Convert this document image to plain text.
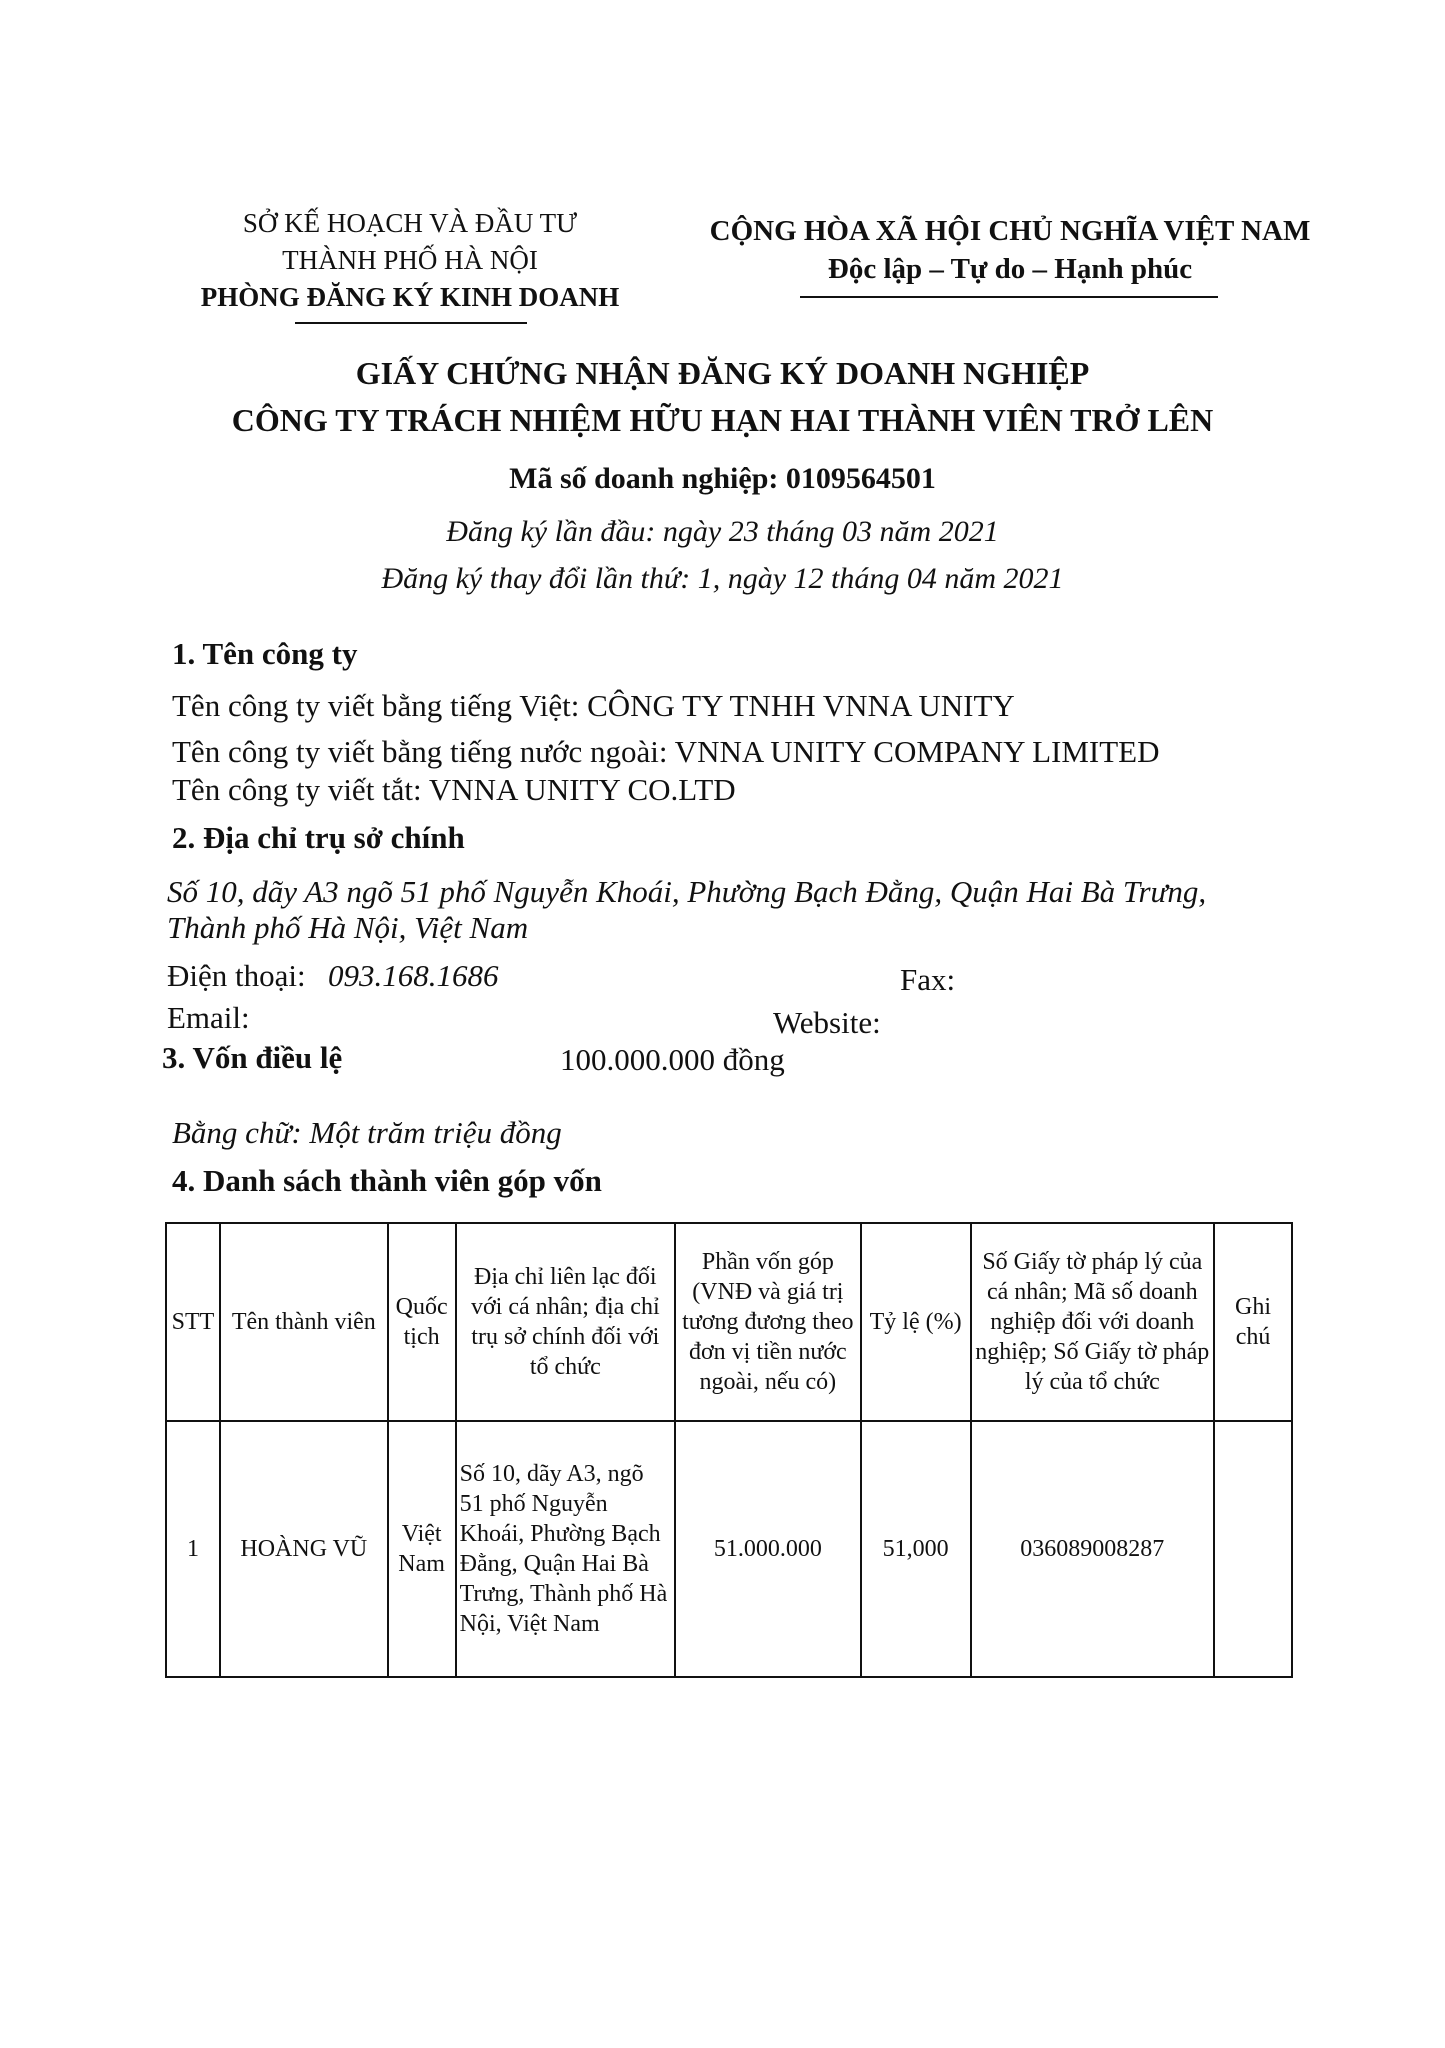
SỞ KẾ HOẠCH VÀ ĐẦU TƯ
THÀNH PHỐ HÀ NỘI
PHÒNG ĐĂNG KÝ KINH DOANH
CỘNG HÒA XÃ HỘI CHỦ NGHĨA VIỆT NAM
Độc lập – Tự do – Hạnh phúc
GIẤY CHỨNG NHẬN ĐĂNG KÝ DOANH NGHIỆP
CÔNG TY TRÁCH NHIỆM HỮU HẠN HAI THÀNH VIÊN TRỞ LÊN
Mã số doanh nghiệp: 0109564501
Đăng ký lần đầu: ngày 23 tháng 03 năm 2021
Đăng ký thay đổi lần thứ: 1, ngày 12 tháng 04 năm 2021
1. Tên công ty
Tên công ty viết bằng tiếng Việt: CÔNG TY TNHH VNNA UNITY
Tên công ty viết bằng tiếng nước ngoài: VNNA UNITY COMPANY LIMITED
Tên công ty viết tắt: VNNA UNITY CO.LTD
2. Địa chỉ trụ sở chính
Số 10, dãy A3 ngõ 51 phố Nguyễn Khoái, Phường Bạch Đằng, Quận Hai Bà Trưng,
Thành phố Hà Nội, Việt Nam
Điện thoại: 093.168.1686	Fax:
Email:	Website:
3. Vốn điều lệ	100.000.000 đồng
Bằng chữ: Một trăm triệu đồng
4. Danh sách thành viên góp vốn
STT	Tên thành viên	Quốc tịch	Địa chỉ liên lạc đối với cá nhân; địa chỉ trụ sở chính đối với tổ chức	Phần vốn góp (VNĐ và giá trị tương đương theo đơn vị tiền nước ngoài, nếu có)	Tỷ lệ (%)	Số Giấy tờ pháp lý của cá nhân; Mã số doanh nghiệp đối với doanh nghiệp; Số Giấy tờ pháp lý của tổ chức	Ghi chú
1	HOÀNG VŨ	Việt Nam	Số 10, dãy A3, ngõ 51 phố Nguyễn Khoái, Phường Bạch Đằng, Quận Hai Bà Trưng, Thành phố Hà Nội, Việt Nam	51.000.000	51,000	036089008287	
